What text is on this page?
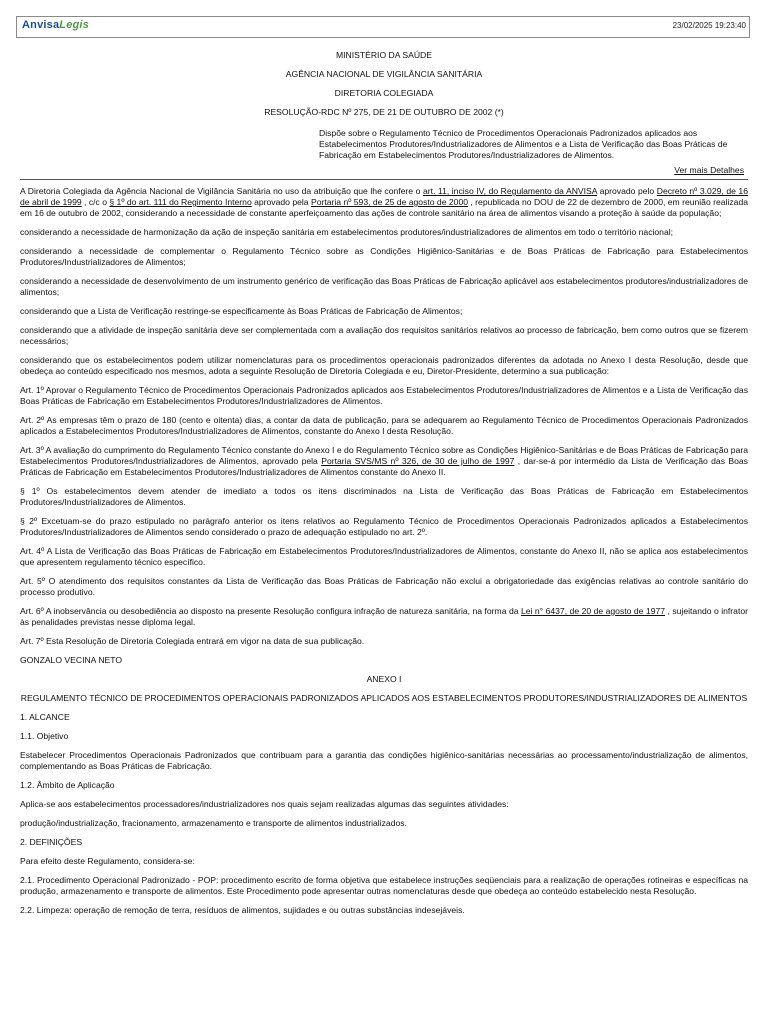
AnvisaLegis	23/02/2025 19:23:40
MINISTÉRIO DA SAÚDE
AGÊNCIA NACIONAL DE VIGILÂNCIA SANITÁRIA
DIRETORIA COLEGIADA
RESOLUÇÃO-RDC Nº 275, DE 21 DE OUTUBRO DE 2002 (*)
Dispõe sobre o Regulamento Técnico de Procedimentos Operacionais Padronizados aplicados aos Estabelecimentos Produtores/Industrializadores de Alimentos e a Lista de Verificação das Boas Práticas de Fabricação em Estabelecimentos Produtores/Industrializadores de Alimentos.
Ver mais Detalhes

A Diretoria Colegiada da Agência Nacional de Vigilância Sanitária no uso da atribuição que lhe confere o art. 11, inciso IV, do Regulamento da ANVISA aprovado pelo Decreto nº 3.029, de 16 de abril de 1999 , c/c o § 1º do art. 111 do Regimento Interno aprovado pela Portaria nº 593, de 25 de agosto de 2000 , republicada no DOU de 22 de dezembro de 2000, em reunião realizada em 16 de outubro de 2002, considerando a necessidade de constante aperfeiçoamento das ações de controle sanitário na área de alimentos visando a proteção à saúde da população;

considerando a necessidade de harmonização da ação de inspeção sanitária em estabelecimentos produtores/industrializadores de alimentos em todo o território nacional;

considerando a necessidade de complementar o Regulamento Técnico sobre as Condições Higiênico-Sanitárias e de Boas Práticas de Fabricação para Estabelecimentos Produtores/Industrializadores de Alimentos;

considerando a necessidade de desenvolvimento de um instrumento genérico de verificação das Boas Práticas de Fabricação aplicável aos estabelecimentos produtores/industrializadores de alimentos;

considerando que a Lista de Verificação restringe-se especificamente às Boas Práticas de Fabricação de Alimentos;

considerando que a atividade de inspeção sanitária deve ser complementada com a avaliação dos requisitos sanitários relativos ao processo de fabricação, bem como outros que se fizerem necessários;

considerando que os estabelecimentos podem utilizar nomenclaturas para os procedimentos operacionais padronizados diferentes da adotada no Anexo I desta Resolução, desde que obedeça ao conteúdo especificado nos mesmos, adota a seguinte Resolução de Diretoria Colegiada e eu, Diretor-Presidente, determino a sua publicação:

Art. 1º Aprovar o Regulamento Técnico de Procedimentos Operacionais Padronizados aplicados aos Estabelecimentos Produtores/Industrializadores de Alimentos e a Lista de Verificação das Boas Práticas de Fabricação em Estabelecimentos Produtores/Industrializadores de Alimentos.

Art. 2º As empresas têm o prazo de 180 (cento e oitenta) dias, a contar da data de publicação, para se adequarem ao Regulamento Técnico de Procedimentos Operacionais Padronizados aplicados a Estabelecimentos Produtores/Industrializadores de Alimentos, constante do Anexo I desta Resolução.

Art. 3º A avaliação do cumprimento do Regulamento Técnico constante do Anexo I e do Regulamento Técnico sobre as Condições Higiênico-Sanitárias e de Boas Práticas de Fabricação para Estabelecimentos Produtores/Industrializadores de Alimentos, aprovado pela Portaria SVS/MS nº 326, de 30 de julho de 1997 , dar-se-á por intermédio da Lista de Verificação das Boas Práticas de Fabricação em Estabelecimentos Produtores/Industrializadores de Alimentos constante do Anexo II.

§ 1º Os estabelecimentos devem atender de imediato a todos os itens discriminados na Lista de Verificação das Boas Práticas de Fabricação em Estabelecimentos Produtores/Industrializadores de Alimentos.

§ 2º Excetuam-se do prazo estipulado no parágrafo anterior os itens relativos ao Regulamento Técnico de Procedimentos Operacionais Padronizados aplicados a Estabelecimentos Produtores/Industrializadores de Alimentos sendo considerado o prazo de adequação estipulado no art. 2º.

Art. 4º A Lista de Verificação das Boas Práticas de Fabricação em Estabelecimentos Produtores/Industrializadores de Alimentos, constante do Anexo II, não se aplica aos estabelecimentos que apresentem regulamento técnico específico.

Art. 5º O atendimento dos requisitos constantes da Lista de Verificação das Boas Práticas de Fabricação não exclui a obrigatoriedade das exigências relativas ao controle sanitário do processo produtivo.

Art. 6º A inobservância ou desobediência ao disposto na presente Resolução configura infração de natureza sanitária, na forma da Lei n° 6437, de 20 de agosto de 1977 , sujeitando o infrator às penalidades previstas nesse diploma legal.

Art. 7º Esta Resolução de Diretoria Colegiada entrará em vigor na data de sua publicação.

GONZALO VECINA NETO

ANEXO I
REGULAMENTO TÉCNICO DE PROCEDIMENTOS OPERACIONAIS PADRONIZADOS APLICADOS AOS ESTABELECIMENTOS PRODUTORES/INDUSTRIALIZADORES DE ALIMENTOS
1. ALCANCE
1.1. Objetivo

Estabelecer Procedimentos Operacionais Padronizados que contribuam para a garantia das condições higiênico-sanitárias necessárias ao processamento/industrialização de alimentos, complementando as Boas Práticas de Fabricação.

1.2. Âmbito de Aplicação

Aplica-se aos estabelecimentos processadores/industrializadores nos quais sejam realizadas algumas das seguintes atividades:

produção/industrialização, fracionamento, armazenamento e transporte de alimentos industrializados.

2. DEFINIÇÕES

Para efeito deste Regulamento, considera-se:

2.1. Procedimento Operacional Padronizado - POP: procedimento escrito de forma objetiva que estabelece instruções seqüenciais para a realização de operações rotineiras e específicas na produção, armazenamento e transporte de alimentos. Este Procedimento pode apresentar outras nomenclaturas desde que obedeça ao conteúdo estabelecido nesta Resolução.

2.2. Limpeza: operação de remoção de terra, resíduos de alimentos, sujidades e ou outras substâncias indesejáveis.
